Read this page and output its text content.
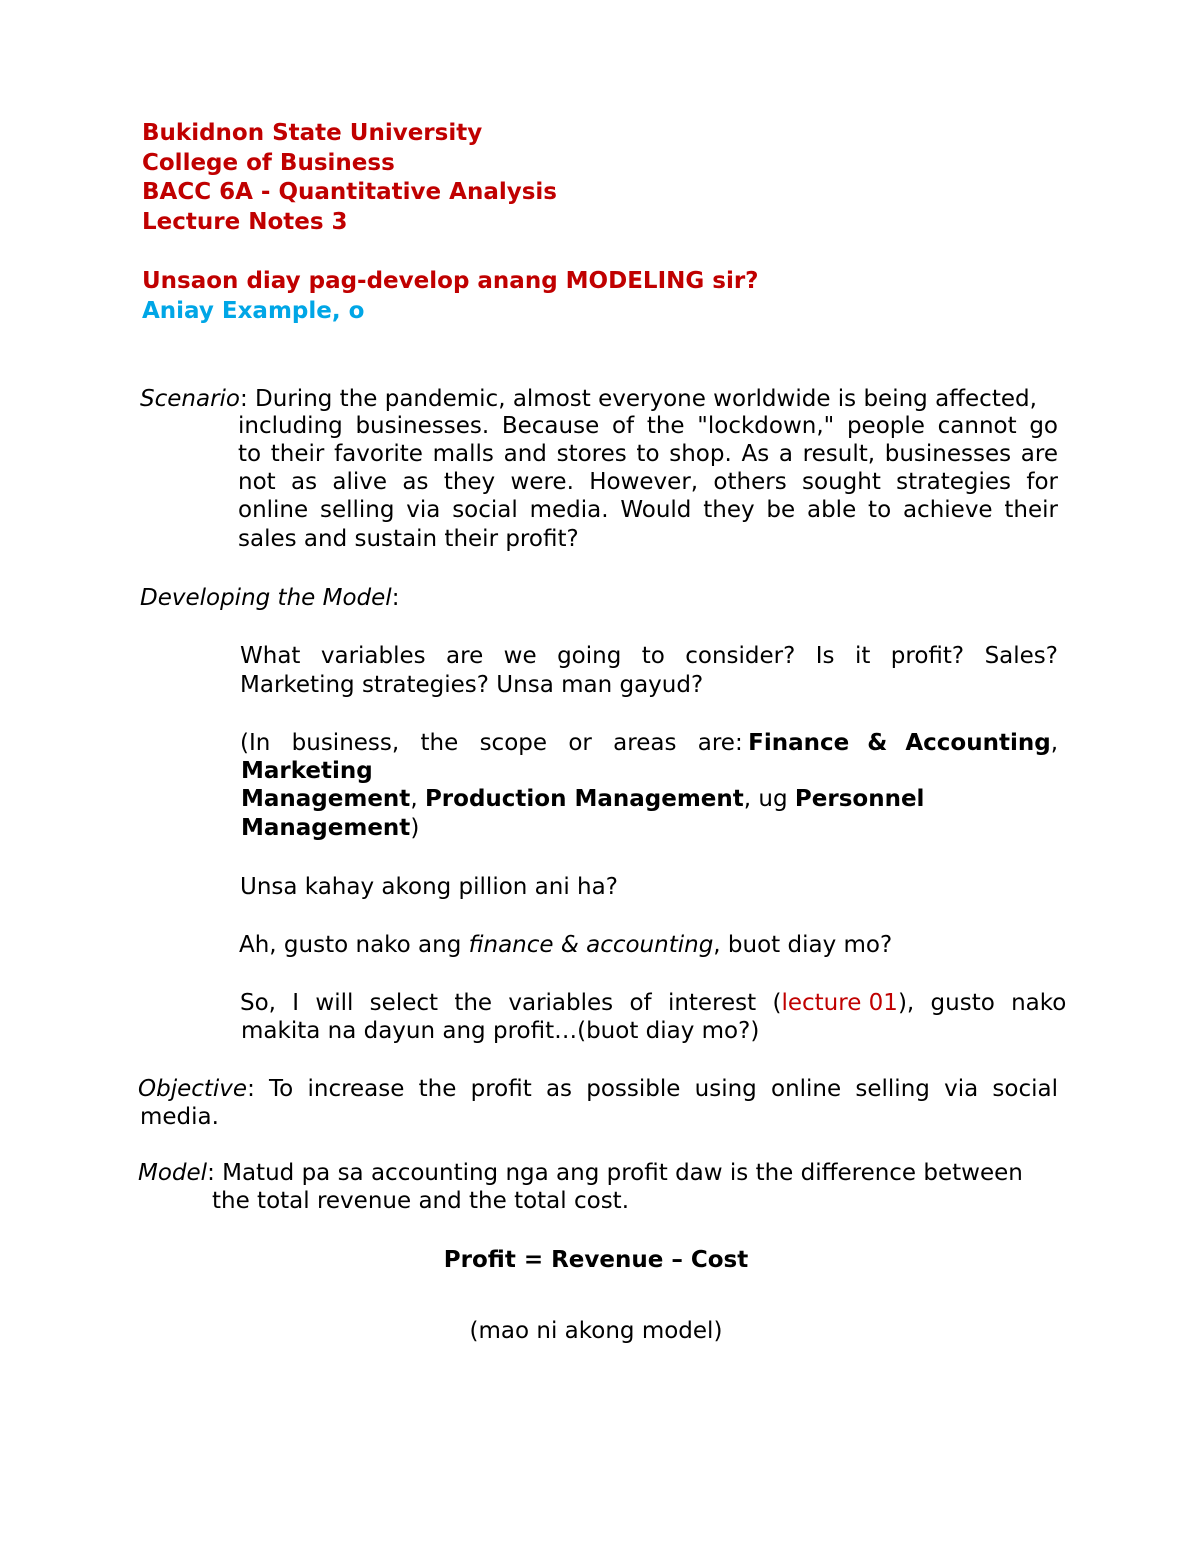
Bukidnon State University
College of Business
BACC 6A - Quantitative Analysis
Lecture Notes 3
Unsaon diay pag-develop anang MODELING sir?
Aniay Example, o
Scenario: During the pandemic, almost everyone worldwide is being affected,
including businesses. Because of the "lockdown," people cannot go
to their favorite malls and stores to shop. As a result, businesses are
not as alive as they were. However, others sought strategies for
online selling via social media. Would they be able to achieve their
sales and sustain their profit?
Developing the Model:
What variables are we going to consider? Is it profit? Sales?
Marketing strategies? Unsa man gayud?
(In business, the scope or areas are: Finance & Accounting,
Marketing
Management, Production Management, ug Personnel
Management)
Unsa kahay akong pillion ani ha?
Ah, gusto nako ang finance & accounting, buot diay mo?
So, I will select the variables of interest ( lecture 01), gusto nako
makita na dayun ang profit…(buot diay mo?)
Objective : To increase the profit as possible using online selling via social
media.
Model: Matud pa sa accounting nga ang profit daw is the difference between
the total revenue and the total cost.
Profit = Revenue – Cost
(mao ni akong model)
